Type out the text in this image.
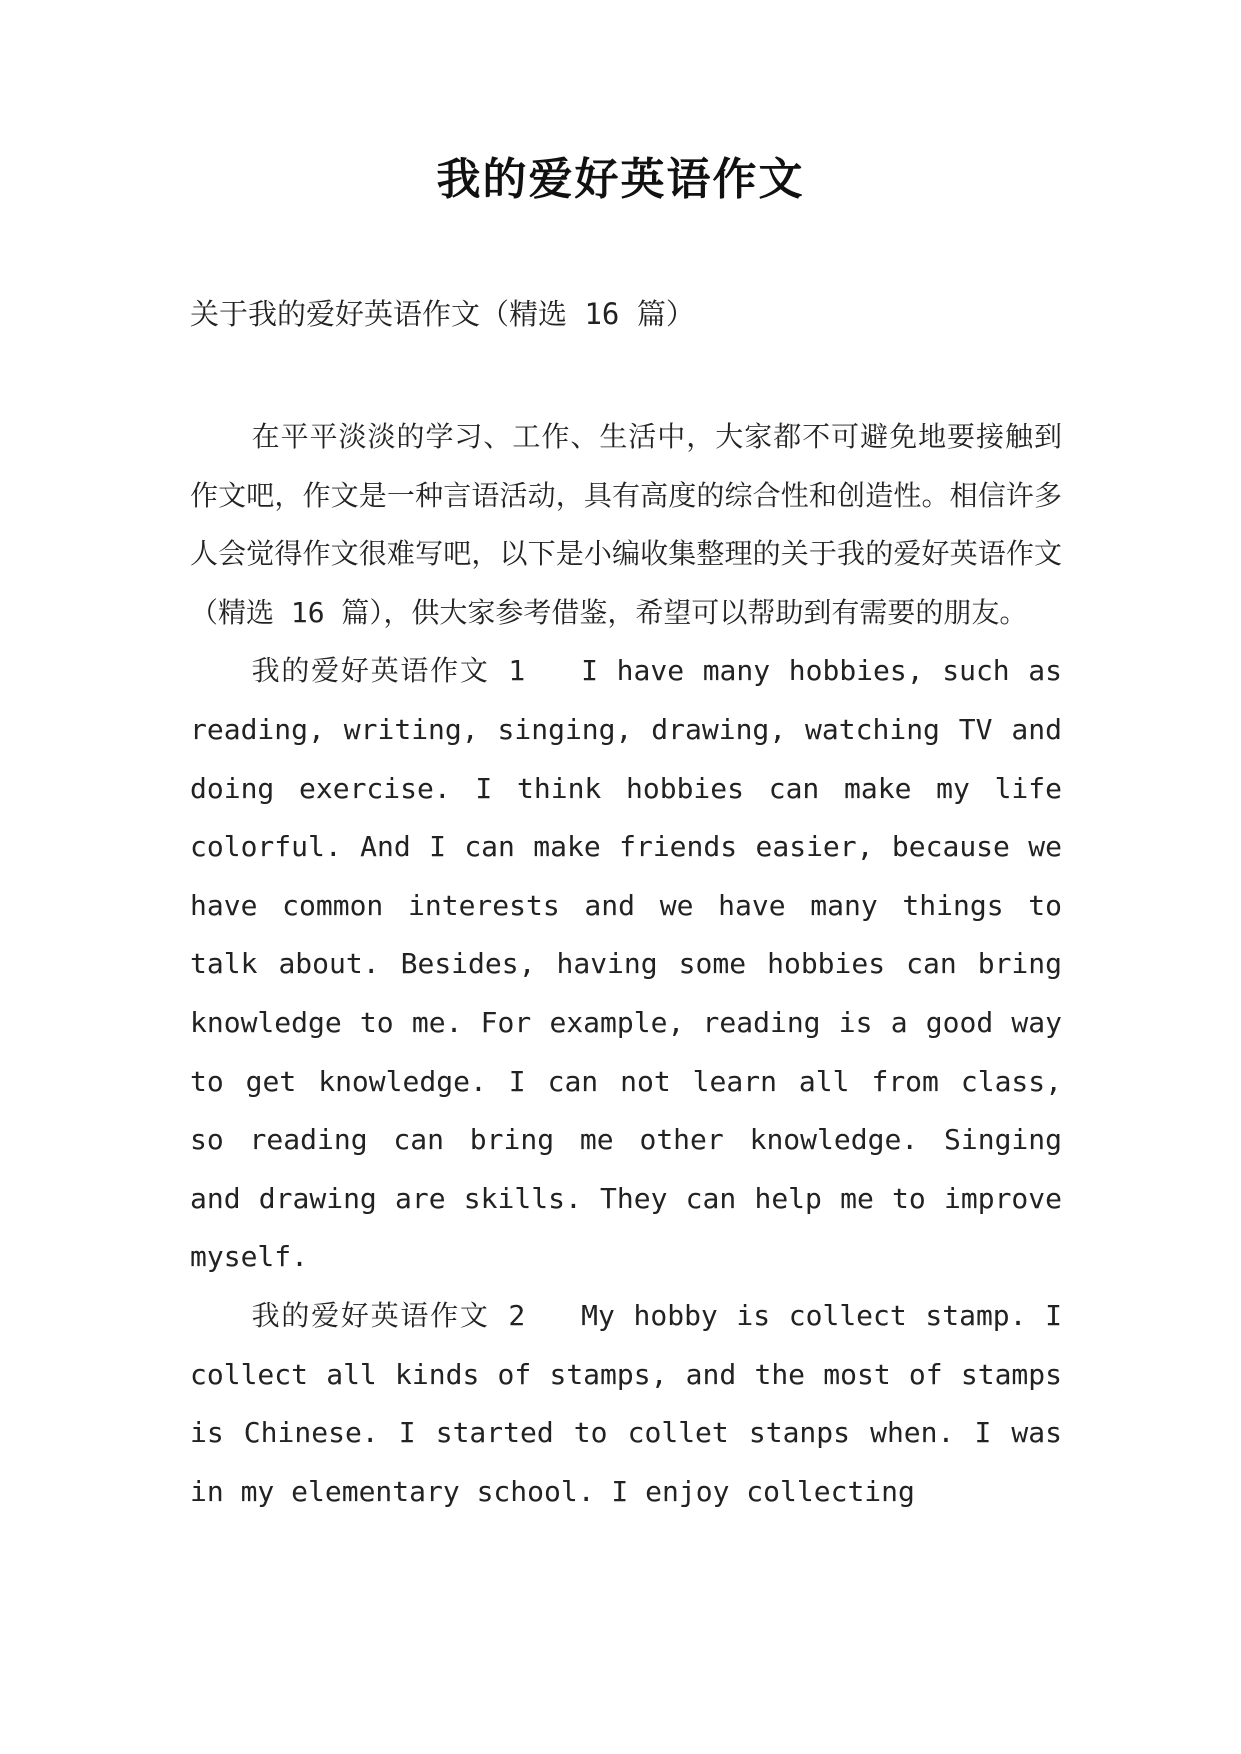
我的爱好英语作文
关于我的爱好英语作文（精选 16 篇）

在平平淡淡的学习、工作、生活中，大家都不可避免地要接触到作文吧，作文是一种言语活动，具有高度的综合性和创造性。相信许多人会觉得作文很难写吧，以下是小编收集整理的关于我的爱好英语作文（精选 16 篇），供大家参考借鉴，希望可以帮助到有需要的朋友。

我的爱好英语作文 1 I have many hobbies, such as reading, writing, singing, drawing, watching TV and doing exercise. I think hobbies can make my life colorful. And I can make friends easier, because we have common interests and we have many things to talk about. Besides, having some hobbies can bring knowledge to me. For example, reading is a good way to get knowledge. I can not learn all from class, so reading can bring me other knowledge. Singing and drawing are skills. They can help me to improve myself.

我的爱好英语作文 2 My hobby is collect stamp. I collect all kinds of stamps, and the most of stamps is Chinese. I started to collet stanps when. I was in my elementary school. I enjoy collecting
